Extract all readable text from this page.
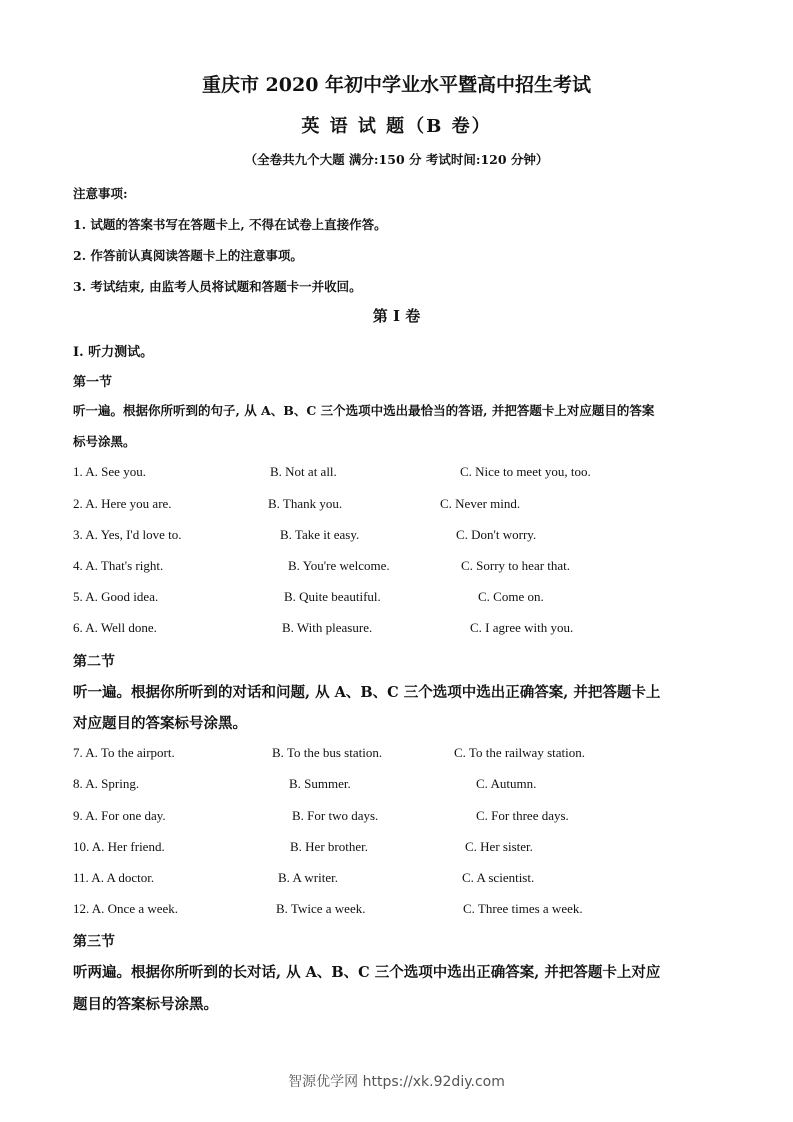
重庆市 2020 年初中学业水平暨高中招生考试
英 语 试 题（B 卷）
（全卷共九个大题 满分:150 分 考试时间:120 分钟）
注意事项:
1. 试题的答案书写在答题卡上, 不得在试卷上直接作答。
2. 作答前认真阅读答题卡上的注意事项。
3. 考试结束, 由监考人员将试题和答题卡一并收回。
第 I 卷
I. 听力测试。
第一节
听一遍。根据你所听到的句子, 从 A、B、C 三个选项中选出最恰当的答语, 并把答题卡上对应题目的答案
标号涂黑。
1. A. See you.	B. Not at all.	C. Nice to meet you, too.
2. A. Here you are.	B. Thank you.	C. Never mind.
3. A. Yes, I'd love to.	B. Take it easy.	C. Don't worry.
4. A. That's right.	B. You're welcome.	C. Sorry to hear that.
5. A. Good idea.	B. Quite beautiful.	C. Come on.
6. A. Well done.	B. With pleasure.	C. I agree with you.
第二节
听一遍。根据你所听到的对话和问题, 从 A、B、C 三个选项中选出正确答案, 并把答题卡上
对应题目的答案标号涂黑。
7. A. To the airport.	B. To the bus station.	C. To the railway station.
8. A. Spring.	B. Summer.	C. Autumn.
9. A. For one day.	B. For two days.	C. For three days.
10. A. Her friend.	B. Her brother.	C. Her sister.
11. A. A doctor.	B. A writer.	C. A scientist.
12. A. Once a week.	B. Twice a week.	C. Three times a week.
第三节
听两遍。根据你所听到的长对话, 从 A、B、C 三个选项中选出正确答案, 并把答题卡上对应
题目的答案标号涂黑。
智源优学网 https://xk.92diy.com
